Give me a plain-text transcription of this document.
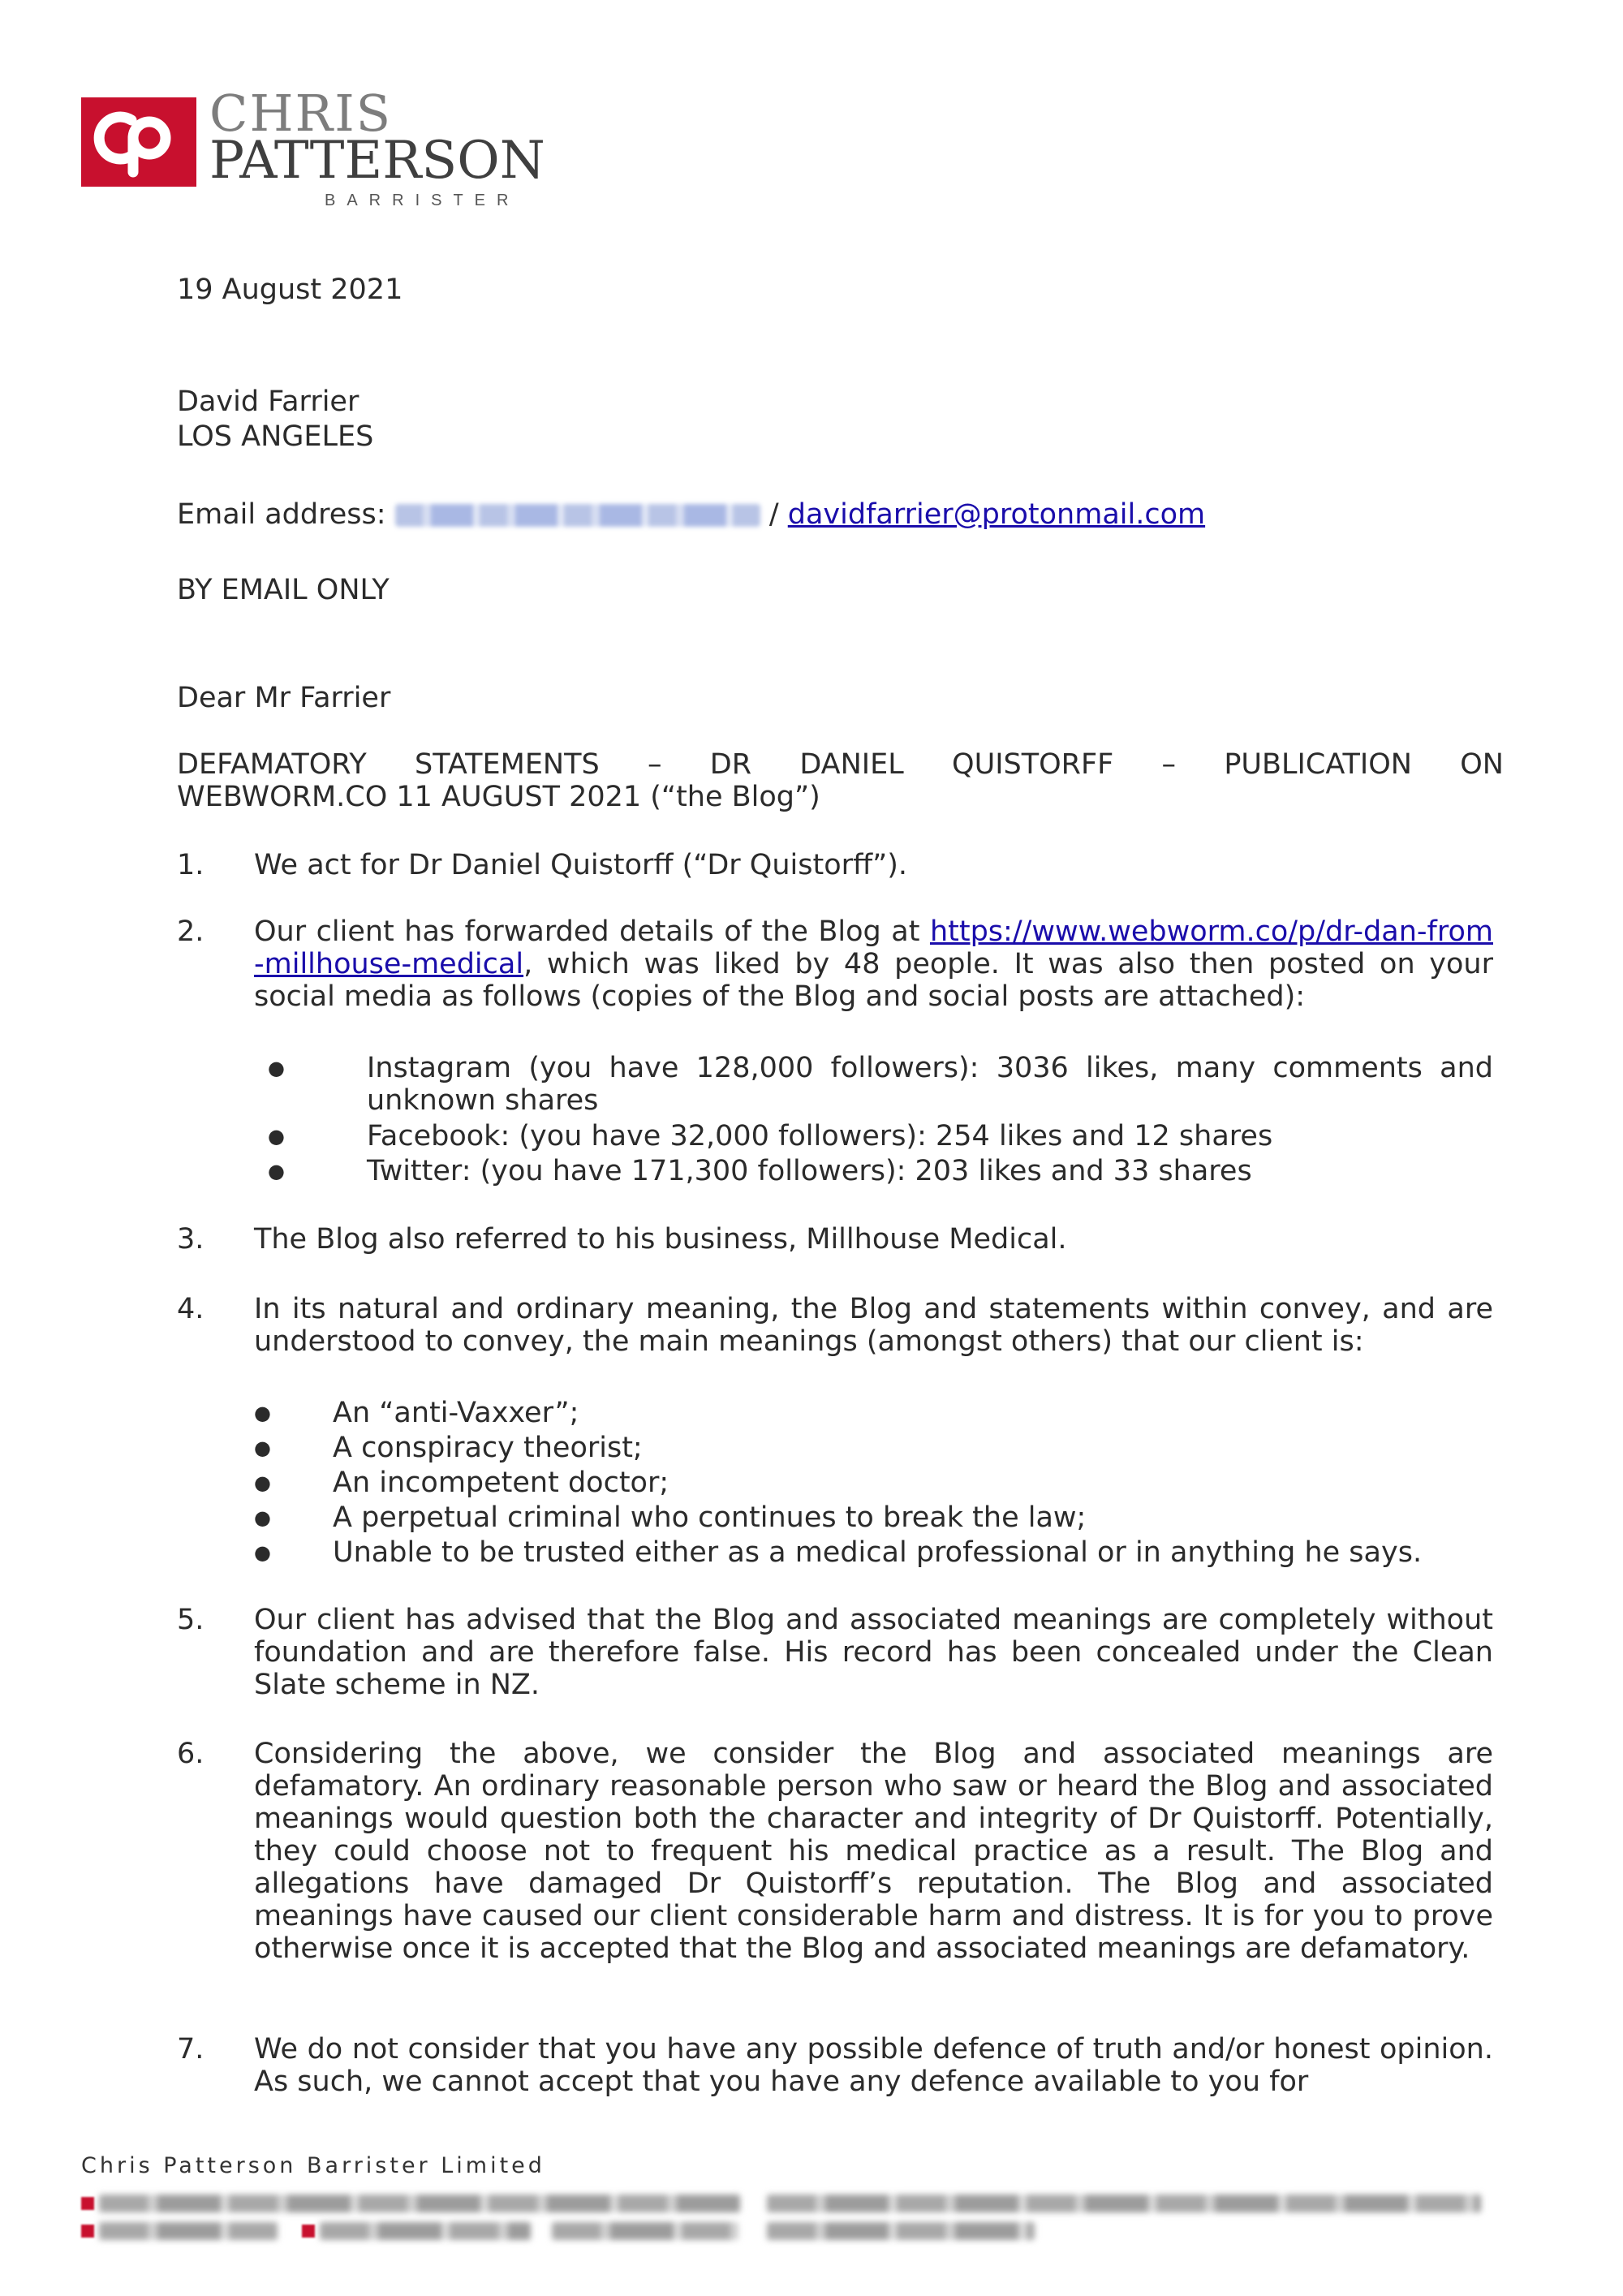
CHRIS
PATTERSON
BARRISTER
19 August 2021
David Farrier
LOS ANGELES
Email address:	/ davidfarrier@protonmail.com
BY EMAIL ONLY
Dear Mr Farrier
DEFAMATORY STATEMENTS – DR DANIEL QUISTORFF – PUBLICATION ON
WEBWORM.CO 11 AUGUST 2021 (“the Blog”)
1. We act for Dr Daniel Quistorff (“Dr Quistorff”).
2. Our client has forwarded details of the Blog at https://www.webworm.co/p/dr-dan-from-millhouse-medical, which was liked by 48 people. It was also then posted on your social media as follows (copies of the Blog and social posts are attached):
●	Instagram (you have 128,000 followers): 3036 likes, many comments and unknown shares
●	Facebook: (you have 32,000 followers): 254 likes and 12 shares
●	Twitter: (you have 171,300 followers): 203 likes and 33 shares
3. The Blog also referred to his business, Millhouse Medical.
4. In its natural and ordinary meaning, the Blog and statements within convey, and are understood to convey, the main meanings (amongst others) that our client is:
● An “anti-Vaxxer”;
● A conspiracy theorist;
● An incompetent doctor;
● A perpetual criminal who continues to break the law;
● Unable to be trusted either as a medical professional or in anything he says.
5. Our client has advised that the Blog and associated meanings are completely without foundation and are therefore false. His record has been concealed under the Clean Slate scheme in NZ.
6. Considering the above, we consider the Blog and associated meanings are defamatory. An ordinary reasonable person who saw or heard the Blog and associated meanings would question both the character and integrity of Dr Quistorff. Potentially, they could choose not to frequent his medical practice as a result. The Blog and allegations have damaged Dr Quistorff’s reputation. The Blog and associated meanings have caused our client considerable harm and distress. It is for you to prove otherwise once it is accepted that the Blog and associated meanings are defamatory.
7. We do not consider that you have any possible defence of truth and/or honest opinion. As such, we cannot accept that you have any defence available to you for
Chris Patterson Barrister Limited
